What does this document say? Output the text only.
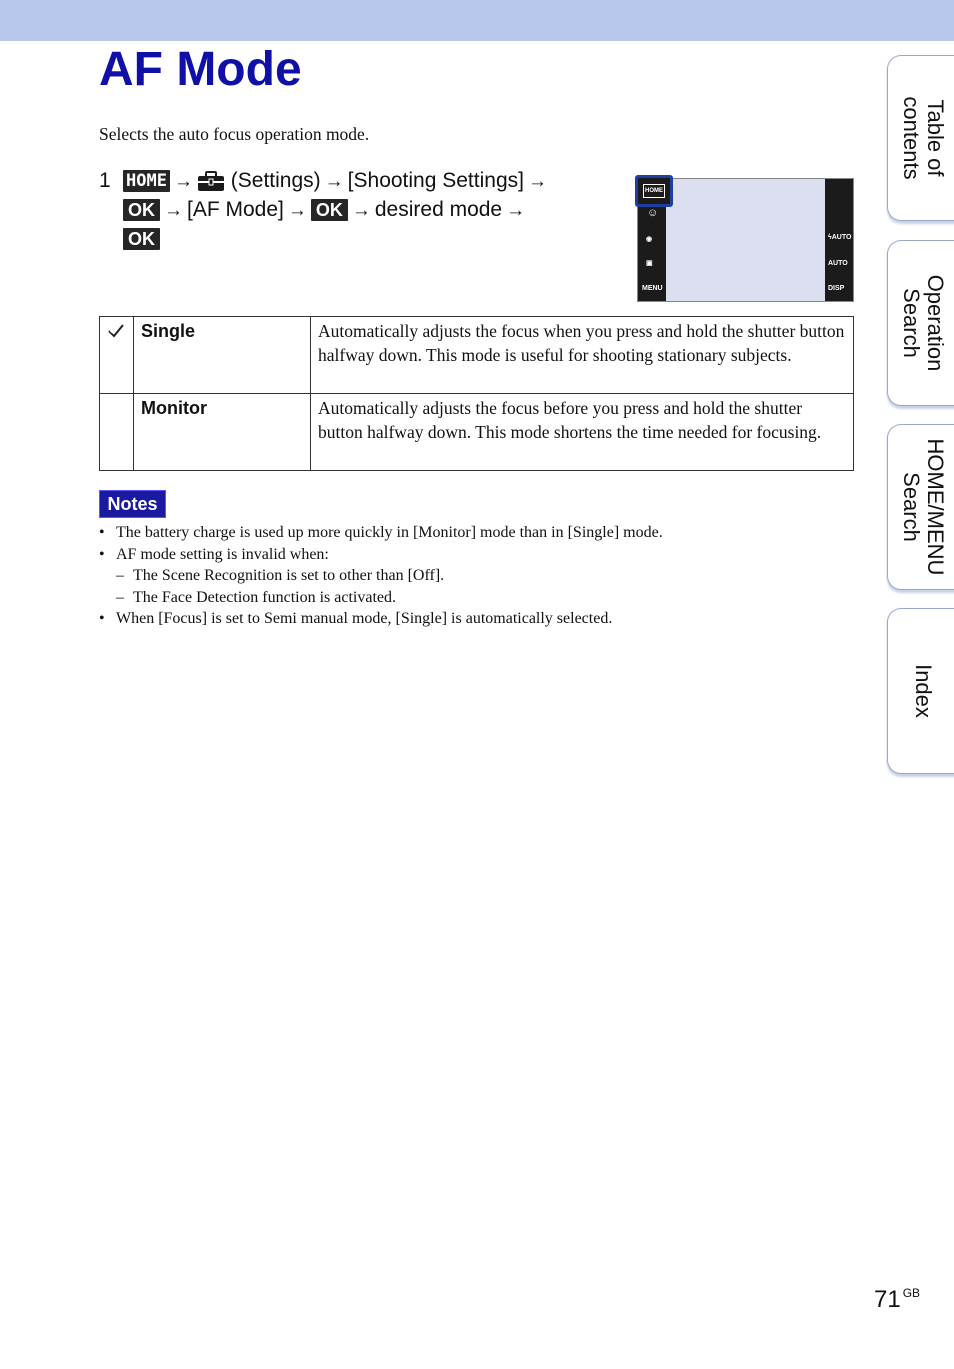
AF Mode
Selects the auto focus operation mode.
1 HOME → (Settings) → [Shooting Settings] →
OK → [AF Mode] → OK → desired mode →
OK
☺
◉
▣
MENU
ϟAUTO
AUTO
DISP
HOME
	Single	Automatically adjusts the focus when you press and hold the shutter button halfway down. This mode is useful for shooting stationary subjects.
	Monitor	Automatically adjusts the focus before you press and hold the shutter button halfway down. This mode shortens the time needed for focusing.
Notes
• The battery charge is used up more quickly in [Monitor] mode than in [Single] mode.
• AF mode setting is invalid when:
– The Scene Recognition is set to other than [Off].
– The Face Detection function is activated.
• When [Focus] is set to Semi manual mode, [Single] is automatically selected.
Table of
contents
Operation
Search
HOME/MENU
Search
Index
71 $^{GB}$
